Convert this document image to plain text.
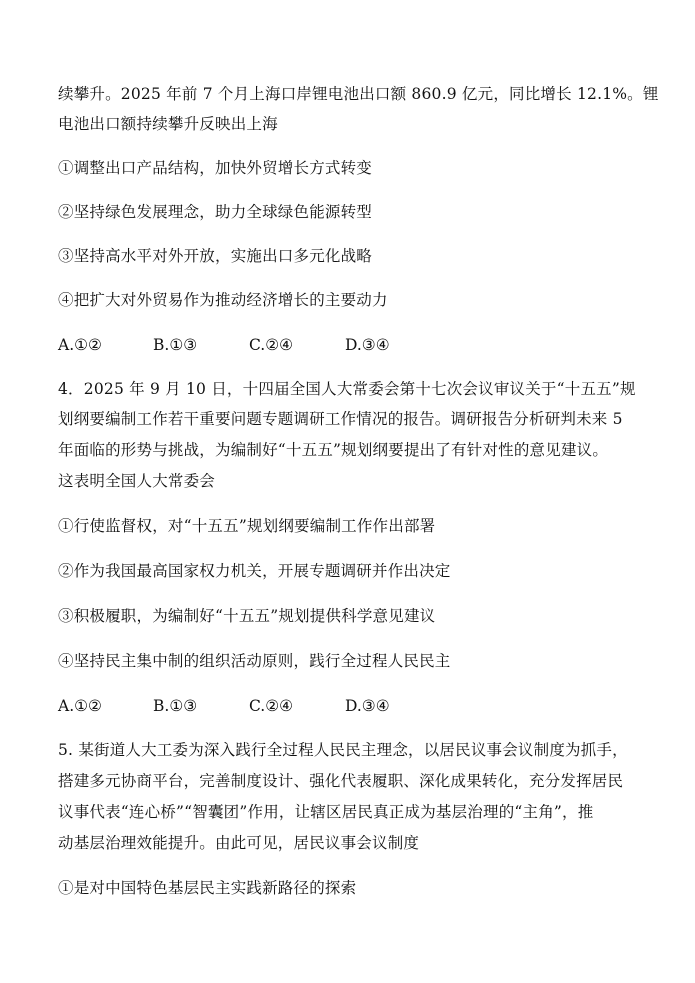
续攀升。2025 年前 7 个月上海口岸锂电池出口额 860.9 亿元，同比增长 12.1%。锂
电池出口额持续攀升反映出上海
①调整出口产品结构，加快外贸增长方式转变
②坚持绿色发展理念，助力全球绿色能源转型
③坚持高水平对外开放，实施出口多元化战略
④把扩大对外贸易作为推动经济增长的主要动力
A.①②	B.①③	C.②④	D.③④
4．2025 年 9 月 10 日，十四届全国人大常委会第十七次会议审议关于“十五五”规
划纲要编制工作若干重要问题专题调研工作情况的报告。调研报告分析研判未来 5
年面临的形势与挑战，为编制好“十五五”规划纲要提出了有针对性的意见建议。
这表明全国人大常委会
①行使监督权，对“十五五”规划纲要编制工作作出部署
②作为我国最高国家权力机关，开展专题调研并作出决定
③积极履职，为编制好“十五五”规划提供科学意见建议
④坚持民主集中制的组织活动原则，践行全过程人民民主
A.①②	B.①③	C.②④	D.③④
5. 某街道人大工委为深入践行全过程人民民主理念，以居民议事会议制度为抓手，
搭建多元协商平台，完善制度设计、强化代表履职、深化成果转化，充分发挥居民
议事代表“连心桥”“智囊团”作用，让辖区居民真正成为基层治理的“主角”，推
动基层治理效能提升。由此可见，居民议事会议制度
①是对中国特色基层民主实践新路径的探索
